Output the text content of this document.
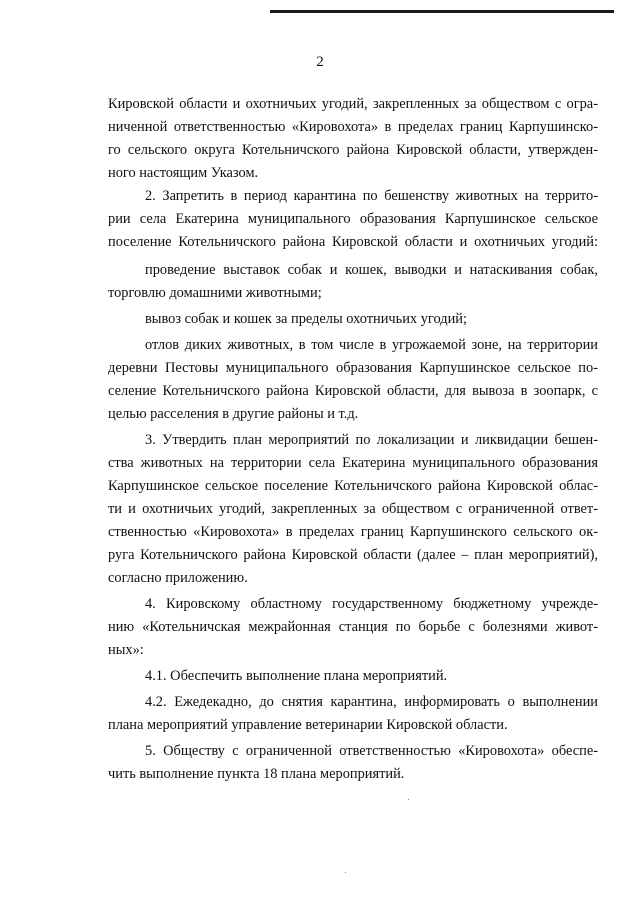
2
Кировской области и охотничьих угодий, закрепленных за обществом с огра-
ниченной ответственностью «Кировохота» в пределах границ Карпушинско-
го сельского округа Котельничского района Кировской области, утвержден-
ного настоящим Указом.
2. Запретить в период карантина по бешенству животных на террито-
рии села Екатерина муниципального образования Карпушинское сельское
поселение Котельничского района Кировской области и охотничьих угодий:
проведение выставок собак и кошек, выводки и натаскивания собак,
торговлю домашними животными;
вывоз собак и кошек за пределы охотничьих угодий;
отлов диких животных, в том числе в угрожаемой зоне, на территории
деревни Пестовы муниципального образования Карпушинское сельское по-
селение Котельничского района Кировской области, для вывоза в зоопарк, с
целью расселения в другие районы и т.д.
3. Утвердить план мероприятий по локализации и ликвидации бешен-
ства животных на территории села Екатерина муниципального образования
Карпушинское сельское поселение Котельничского района Кировской облас-
ти и охотничьих угодий, закрепленных за обществом с ограниченной ответ-
ственностью «Кировохота» в пределах границ Карпушинского сельского ок-
руга Котельничского района Кировской области (далее – план мероприятий),
согласно приложению.
4. Кировскому областному государственному бюджетному учрежде-
нию «Котельничская межрайонная станция по борьбе с болезнями живот-
ных»:
4.1. Обеспечить выполнение плана мероприятий.
4.2. Ежедекадно, до снятия карантина, информировать о выполнении
плана мероприятий управление ветеринарии Кировской области.
5. Обществу с ограниченной ответственностью «Кировохота» обеспе-
чить выполнение пункта 18 плана мероприятий.
